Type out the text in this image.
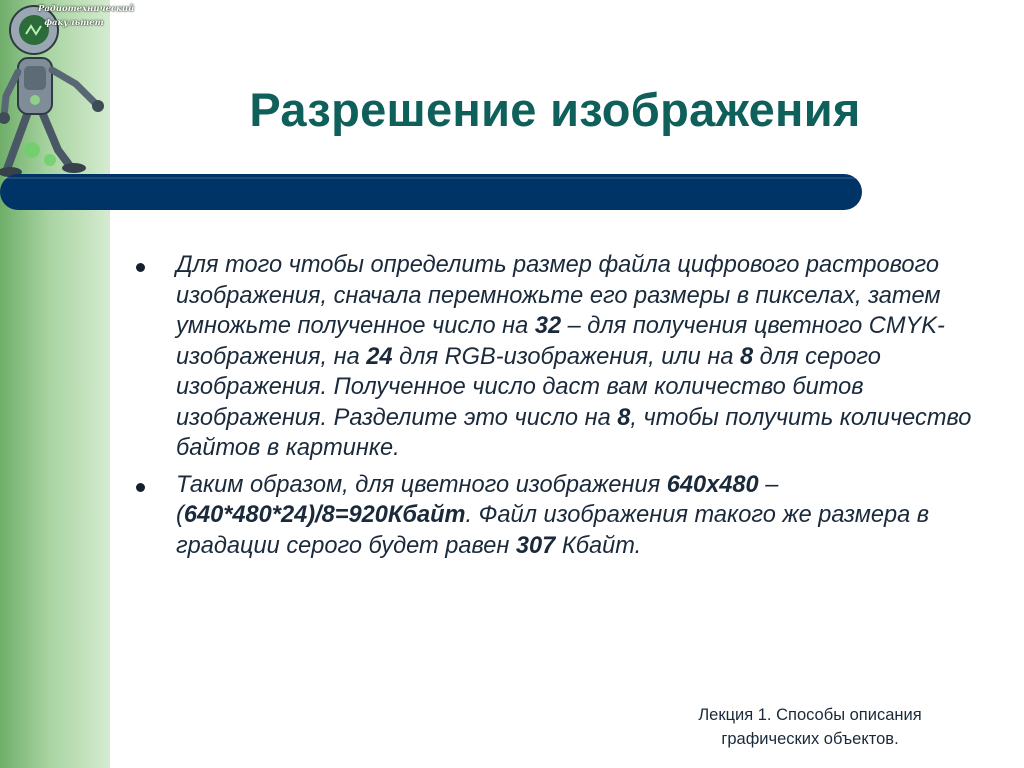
Радиотехнический
факультет
Разрешение изображения
Для того чтобы определить размер файла цифрового растрового изображения, сначала перемножьте его размеры в пикселах, затем умножьте полученное число на 32 – для получения цветного CMYK- изображения, на 24 для RGB-изображения, или на 8 для серого изображения. Полученное число даст вам количество битов изображения. Разделите это число на 8, чтобы получить количество байтов в картинке.
Таким образом, для цветного изображения 640x480 – (640*480*24)/8=920Кбайт. Файл изображения такого же размера в градации серого будет равен 307 Кбайт.
Лекция 1. Способы описания
графических объектов.
